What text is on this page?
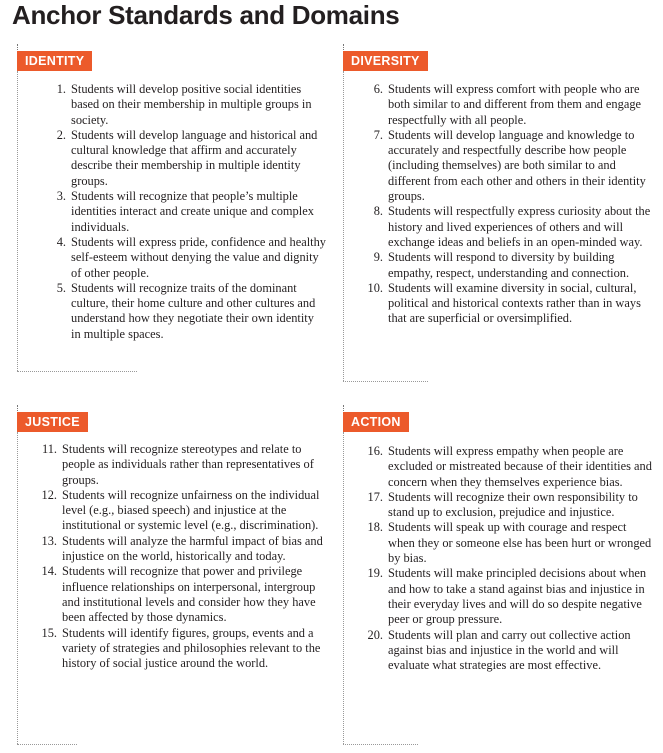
Anchor Standards and Domains
IDENTITY
1. Students will develop positive social identities based on their membership in multiple groups in society.
2. Students will develop language and historical and cultural knowledge that affirm and accurately describe their membership in multiple identity groups.
3. Students will recognize that people’s multiple identities interact and create unique and complex individuals.
4. Students will express pride, confidence and healthy self-esteem without denying the value and dignity of other people.
5. Students will recognize traits of the dominant culture, their home culture and other cultures and understand how they negotiate their own identity in multiple spaces.
DIVERSITY
6. Students will express comfort with people who are both similar to and different from them and engage respectfully with all people.
7. Students will develop language and knowledge to accurately and respectfully describe how people (including themselves) are both similar to and different from each other and others in their identity groups.
8. Students will respectfully express curiosity about the history and lived experiences of others and will exchange ideas and beliefs in an open-minded way.
9. Students will respond to diversity by building empathy, respect, understanding and connection.
10. Students will examine diversity in social, cultural, political and historical contexts rather than in ways that are superficial or oversimplified.
JUSTICE
11. Students will recognize stereotypes and relate to people as individuals rather than representatives of groups.
12. Students will recognize unfairness on the individual level (e.g., biased speech) and injustice at the institutional or systemic level (e.g., discrimination).
13. Students will analyze the harmful impact of bias and injustice on the world, historically and today.
14. Students will recognize that power and privilege influence relationships on interpersonal, intergroup and institutional levels and consider how they have been affected by those dynamics.
15. Students will identify figures, groups, events and a variety of strategies and philosophies relevant to the history of social justice around the world.
ACTION
16. Students will express empathy when people are excluded or mistreated because of their identities and concern when they themselves experience bias.
17. Students will recognize their own responsibility to stand up to exclusion, prejudice and injustice.
18. Students will speak up with courage and respect when they or someone else has been hurt or wronged by bias.
19. Students will make principled decisions about when and how to take a stand against bias and injustice in their everyday lives and will do so despite negative peer or group pressure.
20. Students will plan and carry out collective action against bias and injustice in the world and will evaluate what strategies are most effective.
